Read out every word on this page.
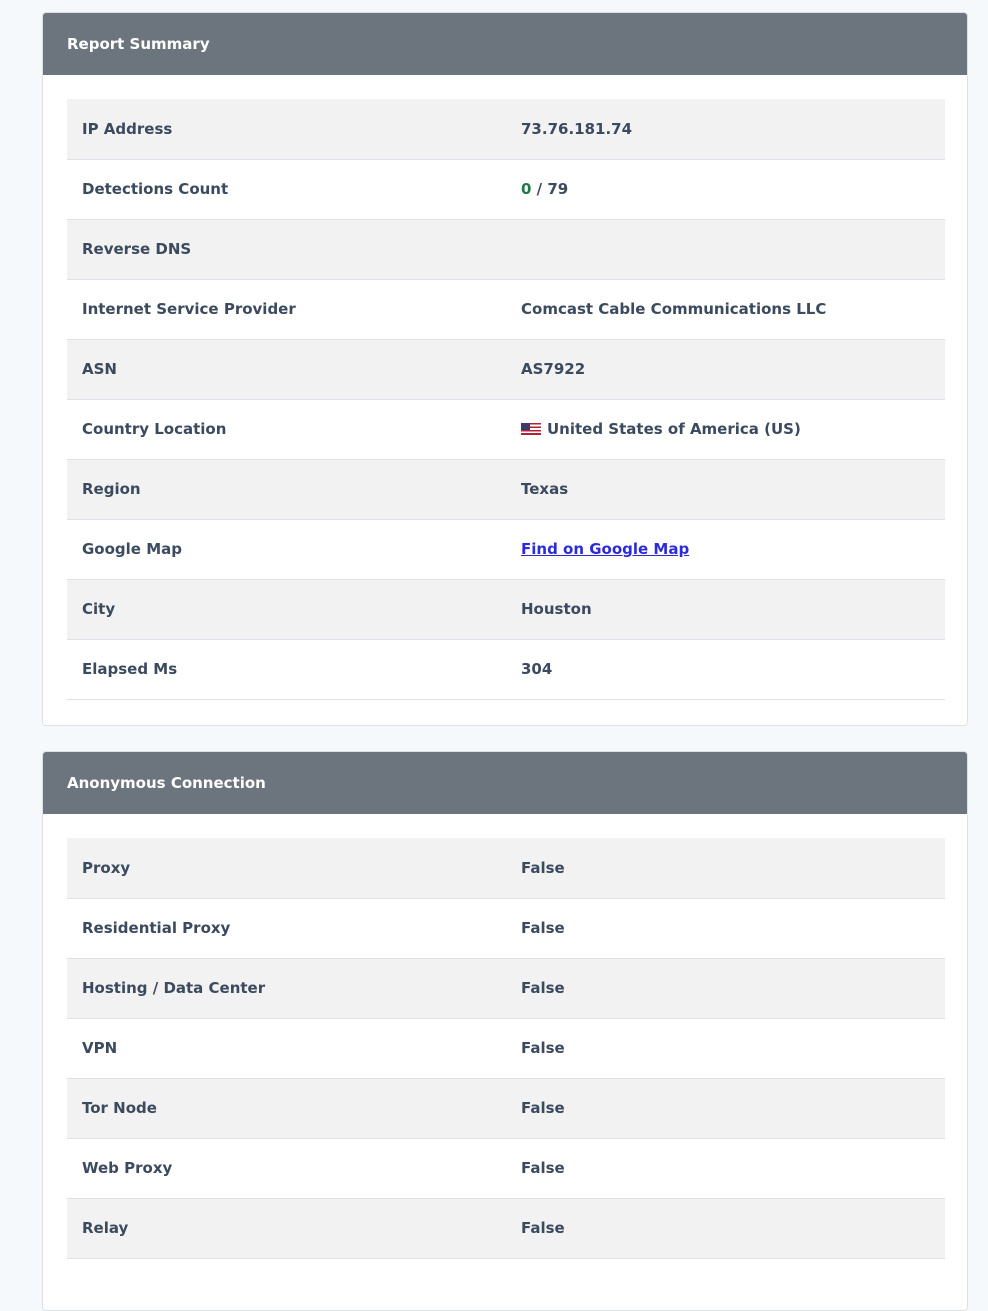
Report Summary
IP Address	73.76.181.74
Detections Count	0 / 79
Reverse DNS	
Internet Service Provider	Comcast Cable Communications LLC
ASN	AS7922
Country Location	United States of America (US)
Region	Texas
Google Map	Find on Google Map
City	Houston
Elapsed Ms	304
Anonymous Connection
Proxy	False
Residential Proxy	False
Hosting / Data Center	False
VPN	False
Tor Node	False
Web Proxy	False
Relay	False
